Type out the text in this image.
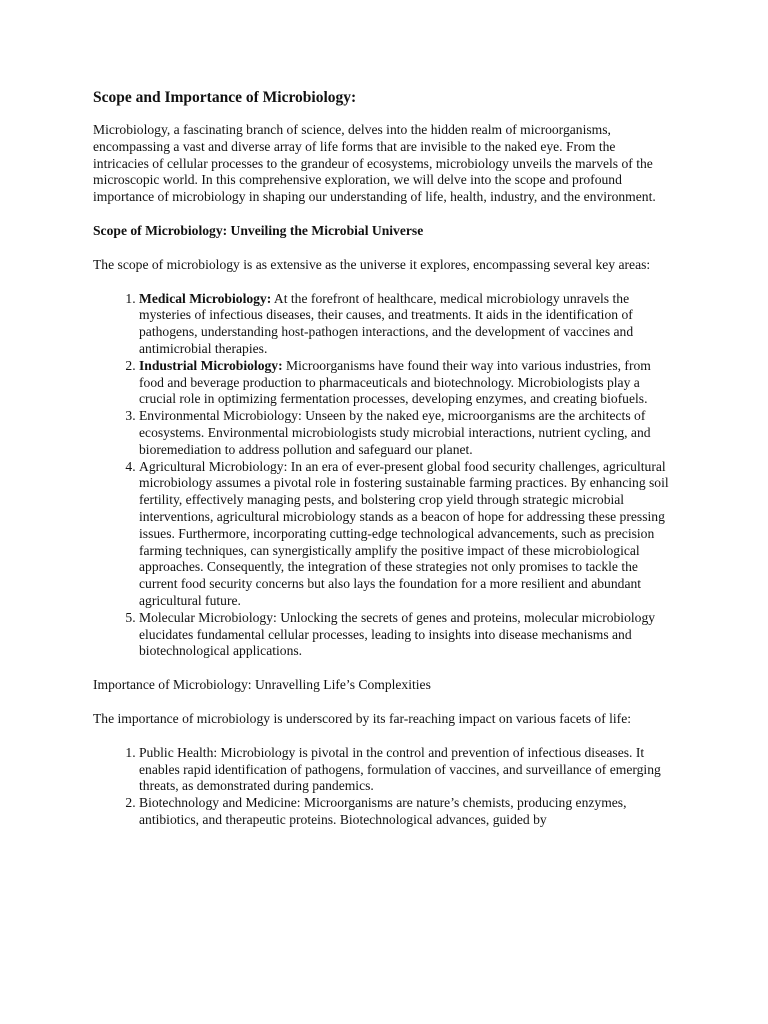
Scope and Importance of Microbiology:

Microbiology, a fascinating branch of science, delves into the hidden realm of microorganisms, encompassing a vast and diverse array of life forms that are invisible to the naked eye. From the intricacies of cellular processes to the grandeur of ecosystems, microbiology unveils the marvels of the microscopic world. In this comprehensive exploration, we will delve into the scope and profound importance of microbiology in shaping our understanding of life, health, industry, and the environment.

Scope of Microbiology: Unveiling the Microbial Universe

The scope of microbiology is as extensive as the universe it explores, encompassing several key areas:

1. Medical Microbiology: At the forefront of healthcare, medical microbiology unravels the mysteries of infectious diseases, their causes, and treatments. It aids in the identification of pathogens, understanding host-pathogen interactions, and the development of vaccines and antimicrobial therapies.
2. Industrial Microbiology: Microorganisms have found their way into various industries, from food and beverage production to pharmaceuticals and biotechnology. Microbiologists play a crucial role in optimizing fermentation processes, developing enzymes, and creating biofuels.
3. Environmental Microbiology: Unseen by the naked eye, microorganisms are the architects of ecosystems. Environmental microbiologists study microbial interactions, nutrient cycling, and bioremediation to address pollution and safeguard our planet.
4. Agricultural Microbiology: In an era of ever-present global food security challenges, agricultural microbiology assumes a pivotal role in fostering sustainable farming practices. By enhancing soil fertility, effectively managing pests, and bolstering crop yield through strategic microbial interventions, agricultural microbiology stands as a beacon of hope for addressing these pressing issues. Furthermore, incorporating cutting-edge technological advancements, such as precision farming techniques, can synergistically amplify the positive impact of these microbiological approaches. Consequently, the integration of these strategies not only promises to tackle the current food security concerns but also lays the foundation for a more resilient and abundant agricultural future.
5. Molecular Microbiology: Unlocking the secrets of genes and proteins, molecular microbiology elucidates fundamental cellular processes, leading to insights into disease mechanisms and biotechnological applications.
Importance of Microbiology: Unravelling Life’s Complexities

The importance of microbiology is underscored by its far-reaching impact on various facets of life:

1. Public Health: Microbiology is pivotal in the control and prevention of infectious diseases. It enables rapid identification of pathogens, formulation of vaccines, and surveillance of emerging threats, as demonstrated during pandemics.
2. Biotechnology and Medicine: Microorganisms are nature’s chemists, producing enzymes, antibiotics, and therapeutic proteins. Biotechnological advances, guided by
